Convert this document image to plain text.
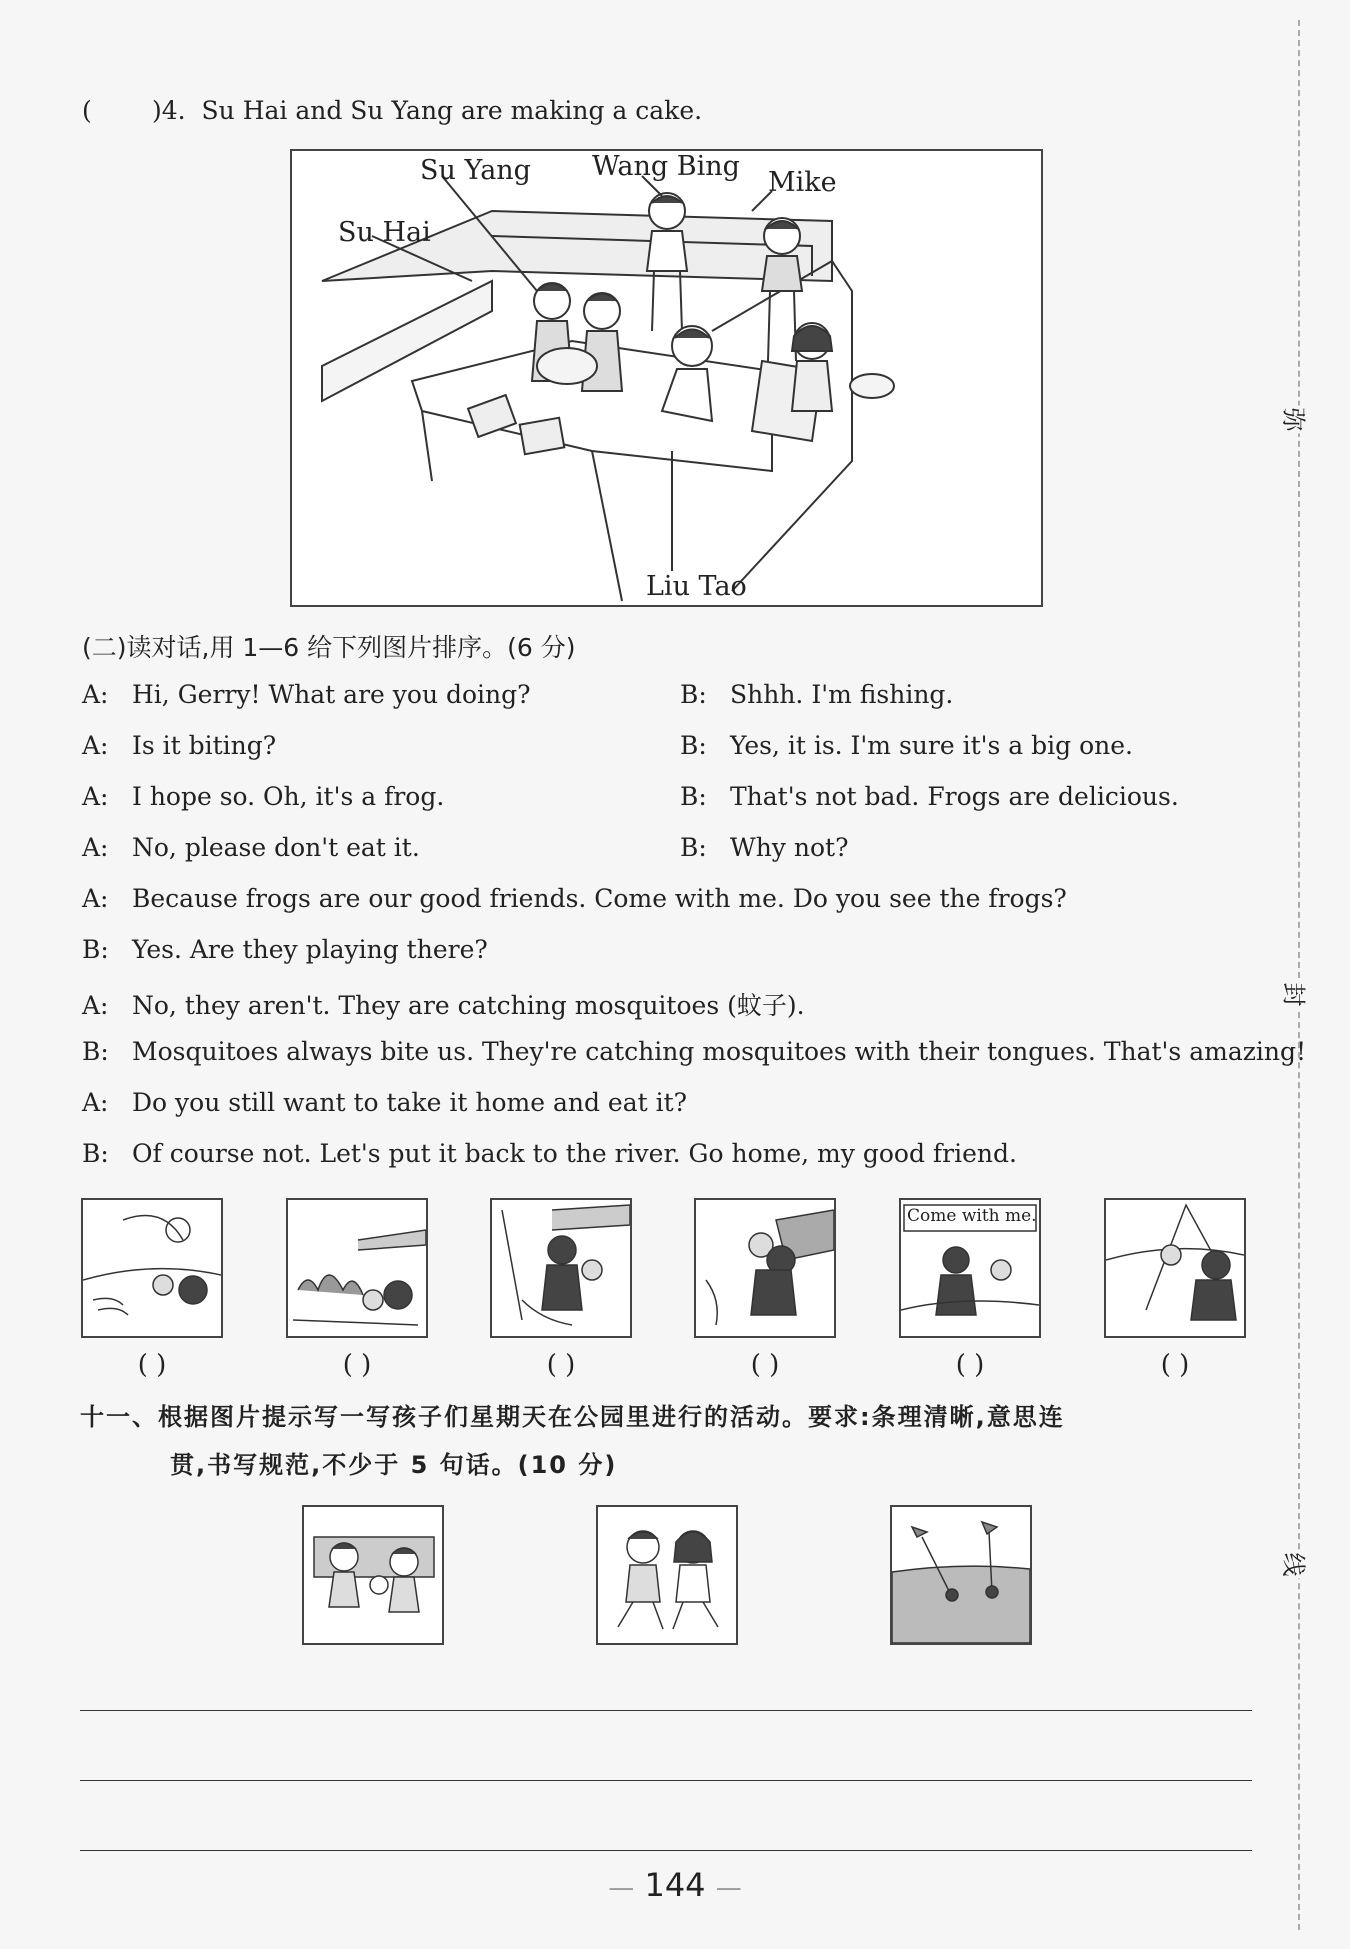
( )4. Su Hai and Su Yang are making a cake.
Su Yang Wang Bing
Mike
Su Hai
Liu Tao
(二)读对话,用 1—6 给下列图片排序。(6 分)
A: Hi, Gerry! What are you doing?	B: Shhh. I'm fishing.
A: Is it biting?	B: Yes, it is. I'm sure it's a big one.
A: I hope so. Oh, it's a frog.	B: That's not bad. Frogs are delicious.
A: No, please don't eat it.	B: Why not?
A: Because frogs are our good friends. Come with me. Do you see the frogs?
B: Yes. Are they playing there?
A: No, they aren't. They are catching mosquitoes (蚊子).
B: Mosquitoes always bite us. They're catching mosquitoes with their tongues. That's amazing!
A: Do you still want to take it home and eat it?
B: Of course not. Let's put it back to the river. Go home, my good friend.
Come with me.
( )	( )	( )	( )	( )	( )
十一、根据图片提示写一写孩子们星期天在公园里进行的活动。要求:条理清晰,意思连
贯,书写规范,不少于 5 句话。(10 分)
— 144 —
弥
封
线
